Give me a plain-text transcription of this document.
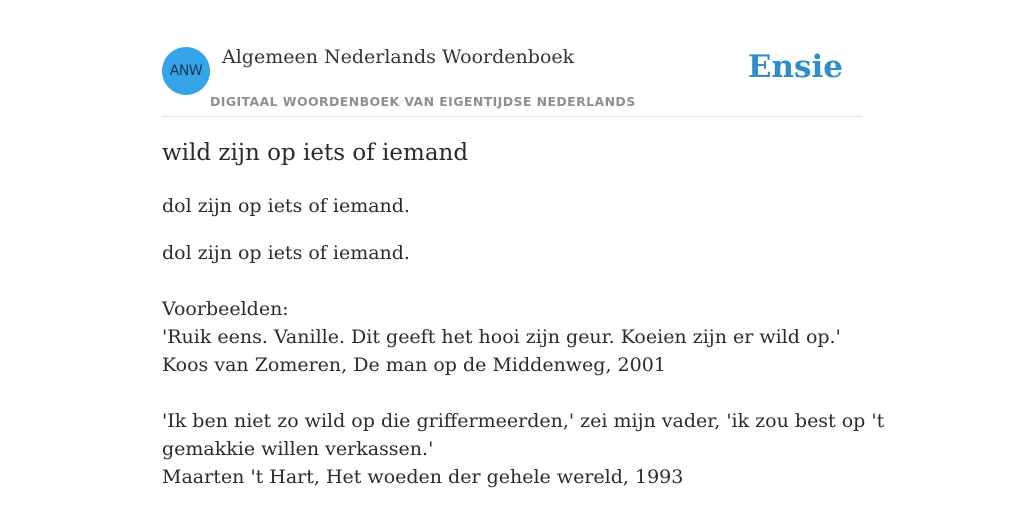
ANW
Algemeen Nederlands Woordenboek
DIGITAAL WOORDENBOEK VAN EIGENTIJDSE NEDERLANDS
Ensie
wild zijn op iets of iemand
dol zijn op iets of iemand.
dol zijn op iets of iemand.
Voorbeelden:
'Ruik eens. Vanille. Dit geeft het hooi zijn geur. Koeien zijn er wild op.'
Koos van Zomeren, De man op de Middenweg, 2001
'Ik ben niet zo wild op die griffermeerden,' zei mijn vader, 'ik zou best op 't
gemakkie willen verkassen.'
Maarten 't Hart, Het woeden der gehele wereld, 1993
